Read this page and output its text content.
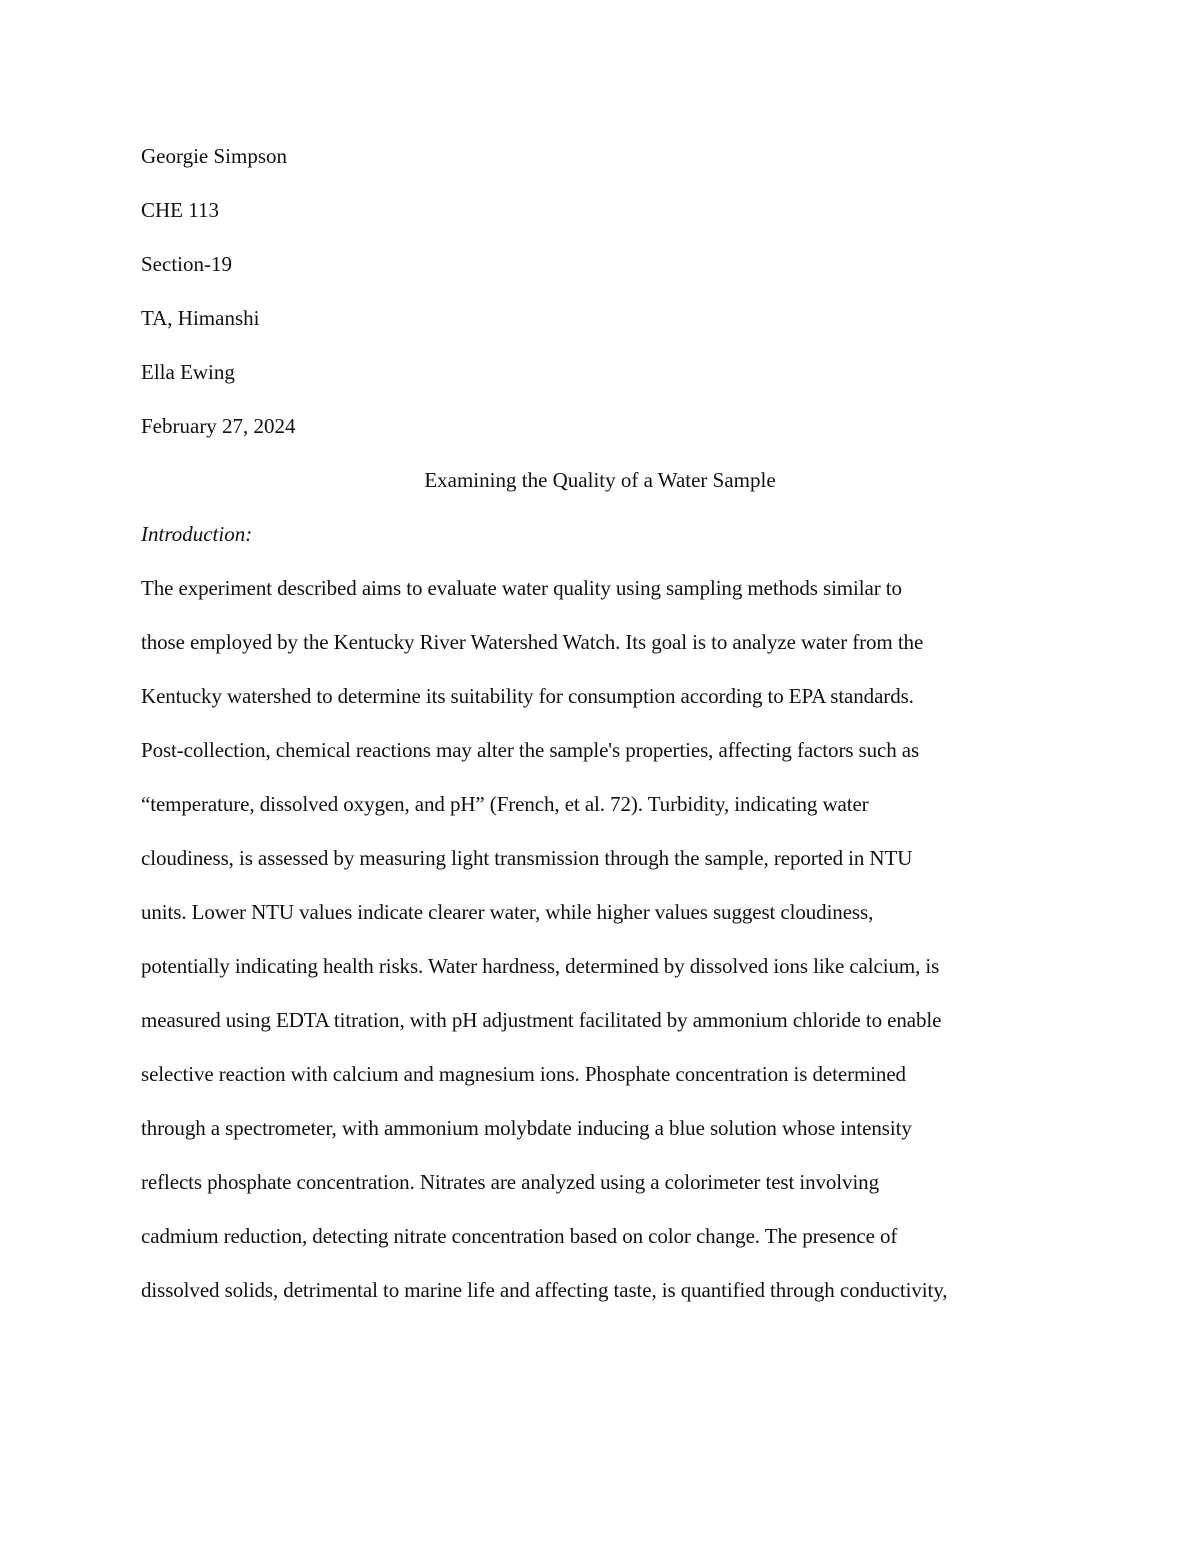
Georgie Simpson

CHE 113

Section-19

TA, Himanshi

Ella Ewing

February 27, 2024

Examining the Quality of a Water Sample

Introduction:

The experiment described aims to evaluate water quality using sampling methods similar to

those employed by the Kentucky River Watershed Watch. Its goal is to analyze water from the

Kentucky watershed to determine its suitability for consumption according to EPA standards.

Post-collection, chemical reactions may alter the sample's properties, affecting factors such as

“temperature, dissolved oxygen, and pH” (French, et al. 72). Turbidity, indicating water

cloudiness, is assessed by measuring light transmission through the sample, reported in NTU

units. Lower NTU values indicate clearer water, while higher values suggest cloudiness,

potentially indicating health risks. Water hardness, determined by dissolved ions like calcium, is

measured using EDTA titration, with pH adjustment facilitated by ammonium chloride to enable

selective reaction with calcium and magnesium ions. Phosphate concentration is determined

through a spectrometer, with ammonium molybdate inducing a blue solution whose intensity

reflects phosphate concentration. Nitrates are analyzed using a colorimeter test involving

cadmium reduction, detecting nitrate concentration based on color change. The presence of

dissolved solids, detrimental to marine life and affecting taste, is quantified through conductivity,
